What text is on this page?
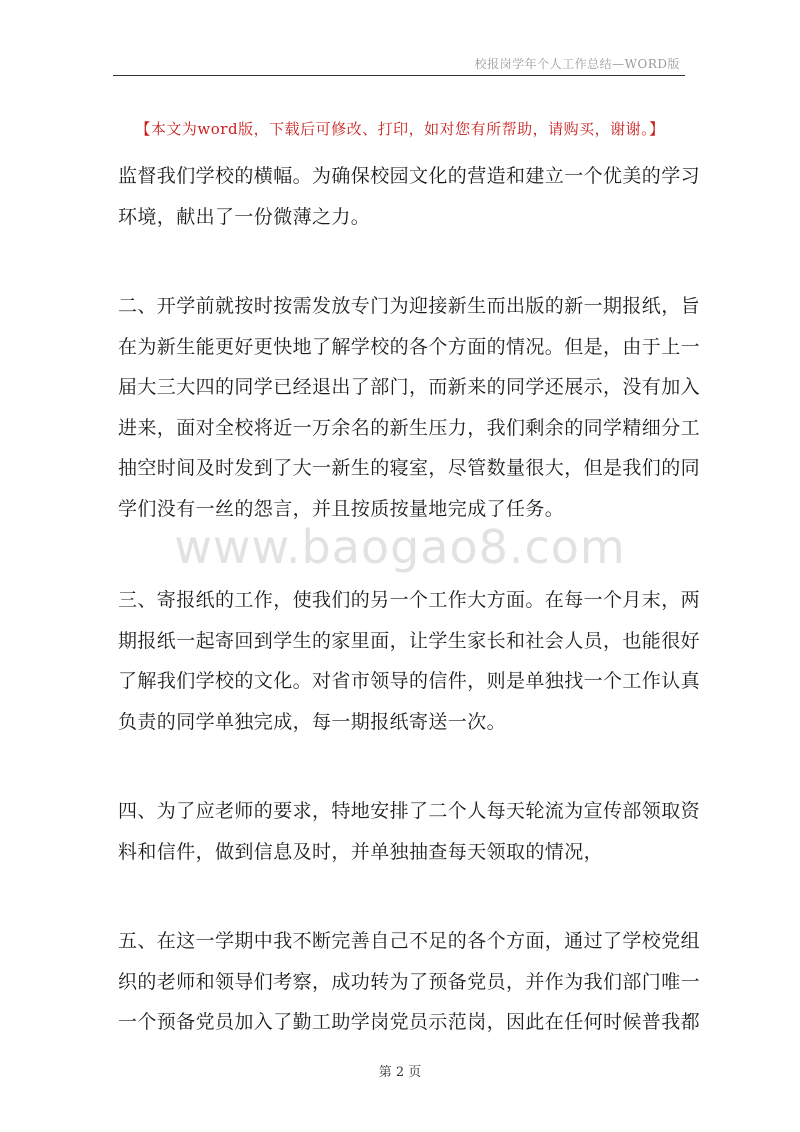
校报岗学年个人工作总结—WORD版
【本文为word版，下载后可修改、打印，如对您有所帮助，请购买，谢谢。】

监督我们学校的横幅。为确保校园文化的营造和建立一个优美的学习
环境，献出了一份微薄之力。

二、开学前就按时按需发放专门为迎接新生而出版的新一期报纸，旨
在为新生能更好更快地了解学校的各个方面的情况。但是，由于上一
届大三大四的同学已经退出了部门，而新来的同学还展示，没有加入
进来，面对全校将近一万余名的新生压力，我们剩余的同学精细分工
抽空时间及时发到了大一新生的寝室，尽管数量很大，但是我们的同
学们没有一丝的怨言，并且按质按量地完成了任务。

www.baogao8.com

三、寄报纸的工作，使我们的另一个工作大方面。在每一个月末，两
期报纸一起寄回到学生的家里面，让学生家长和社会人员，也能很好
了解我们学校的文化。对省市领导的信件，则是单独找一个工作认真
负责的同学单独完成，每一期报纸寄送一次。

四、为了应老师的要求，特地安排了二个人每天轮流为宣传部领取资
料和信件，做到信息及时，并单独抽查每天领取的情况，

五、在这一学期中我不断完善自己不足的各个方面，通过了学校党组
织的老师和领导们考察，成功转为了预备党员，并作为我们部门唯一
一个预备党员加入了勤工助学岗党员示范岗，因此在任何时候普我都

第 2 页
